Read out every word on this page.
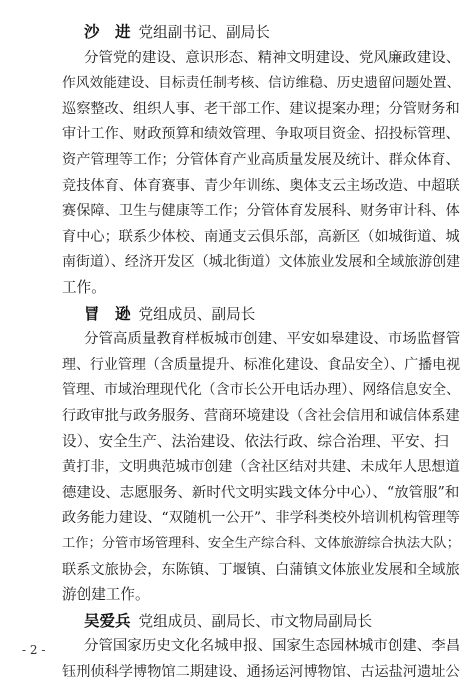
沙　进 党组副书记、副局长
分管党的建设、意识形态、精神文明建设、党风廉政建设、
作风效能建设、目标责任制考核、信访维稳、历史遗留问题处置、
巡察整改、组织人事、老干部工作、建议提案办理；分管财务和
审计工作、财政预算和绩效管理、争取项目资金、招投标管理、
资产管理等工作；分管体育产业高质量发展及统计、群众体育、
竞技体育、体育赛事、青少年训练、奥体支云主场改造、中超联
赛保障、卫生与健康等工作；分管体育发展科、财务审计科、体
育中心；联系少体校、南通支云俱乐部，高新区（如城街道、城
南街道）、经济开发区（城北街道）文体旅业发展和全域旅游创建
工作。
冒　逊 党组成员、副局长
分管高质量教育样板城市创建、平安如皋建设、市场监督管
理、行业管理（含质量提升、标准化建设、食品安全）、广播电视
管理、市域治理现代化（含市长公开电话办理）、网络信息安全、
行政审批与政务服务、营商环境建设（含社会信用和诚信体系建
设）、安全生产、法治建设、依法行政、综合治理、平安、扫
黄打非，文明典范城市创建（含社区结对共建、未成年人思想道
德建设、志愿服务、新时代文明实践文体分中心）、“放管服”和
政务能力建设、“双随机一公开”、非学科类校外培训机构管理等
工作；分管市场管理科、安全生产综合科、文体旅游综合执法大队；
联系文旅协会，东陈镇、丁堰镇、白蒲镇文体旅业发展和全域旅
游创建工作。
- 2 -
吴爱兵 党组成员、副局长、市文物局副局长
分管国家历史文化名城申报、国家生态园林城市创建、李昌
钰刑侦科学博物馆二期建设、通扬运河博物馆、古运盐河遗址公
